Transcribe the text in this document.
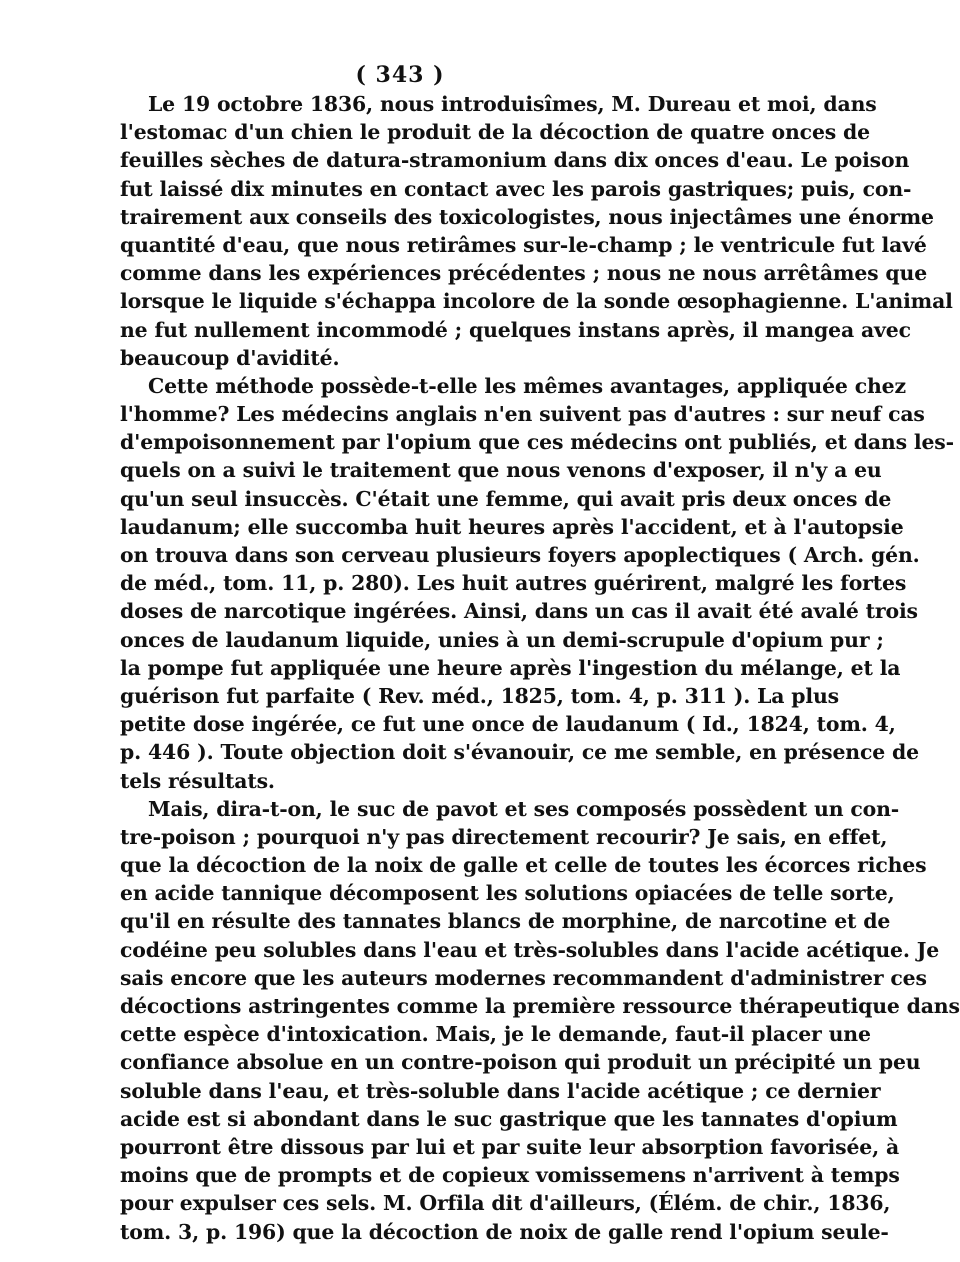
( 343 )
Le 19 octobre 1836, nous introduisîmes, M. Dureau et moi, dans
l'estomac d'un chien le produit de la décoction de quatre onces de
feuilles sèches de datura-stramonium dans dix onces d'eau. Le poison
fut laissé dix minutes en contact avec les parois gastriques; puis, con-
trairement aux conseils des toxicologistes, nous injectâmes une énorme
quantité d'eau, que nous retirâmes sur-le-champ ; le ventricule fut lavé
comme dans les expériences précédentes ; nous ne nous arrêtâmes que
lorsque le liquide s'échappa incolore de la sonde œsophagienne. L'animal
ne fut nullement incommodé ; quelques instans après, il mangea avec
beaucoup d'avidité.
Cette méthode possède-t-elle les mêmes avantages, appliquée chez
l'homme? Les médecins anglais n'en suivent pas d'autres : sur neuf cas
d'empoisonnement par l'opium que ces médecins ont publiés, et dans les-
quels on a suivi le traitement que nous venons d'exposer, il n'y a eu
qu'un seul insuccès. C'était une femme, qui avait pris deux onces de
laudanum; elle succomba huit heures après l'accident, et à l'autopsie
on trouva dans son cerveau plusieurs foyers apoplectiques ( Arch. gén.
de méd., tom. 11, p. 280). Les huit autres guérirent, malgré les fortes
doses de narcotique ingérées. Ainsi, dans un cas il avait été avalé trois
onces de laudanum liquide, unies à un demi-scrupule d'opium pur ;
la pompe fut appliquée une heure après l'ingestion du mélange, et la
guérison fut parfaite ( Rev. méd., 1825, tom. 4, p. 311 ). La plus
petite dose ingérée, ce fut une once de laudanum ( Id., 1824, tom. 4,
p. 446 ). Toute objection doit s'évanouir, ce me semble, en présence de
tels résultats.
Mais, dira-t-on, le suc de pavot et ses composés possèdent un con-
tre-poison ; pourquoi n'y pas directement recourir? Je sais, en effet,
que la décoction de la noix de galle et celle de toutes les écorces riches
en acide tannique décomposent les solutions opiacées de telle sorte,
qu'il en résulte des tannates blancs de morphine, de narcotine et de
codéine peu solubles dans l'eau et très-solubles dans l'acide acétique. Je
sais encore que les auteurs modernes recommandent d'administrer ces
décoctions astringentes comme la première ressource thérapeutique dans
cette espèce d'intoxication. Mais, je le demande, faut-il placer une
confiance absolue en un contre-poison qui produit un précipité un peu
soluble dans l'eau, et très-soluble dans l'acide acétique ; ce dernier
acide est si abondant dans le suc gastrique que les tannates d'opium
pourront être dissous par lui et par suite leur absorption favorisée, à
moins que de prompts et de copieux vomissemens n'arrivent à temps
pour expulser ces sels. M. Orfila dit d'ailleurs, (Élém. de chir., 1836,
tom. 3, p. 196) que la décoction de noix de galle rend l'opium seule-
